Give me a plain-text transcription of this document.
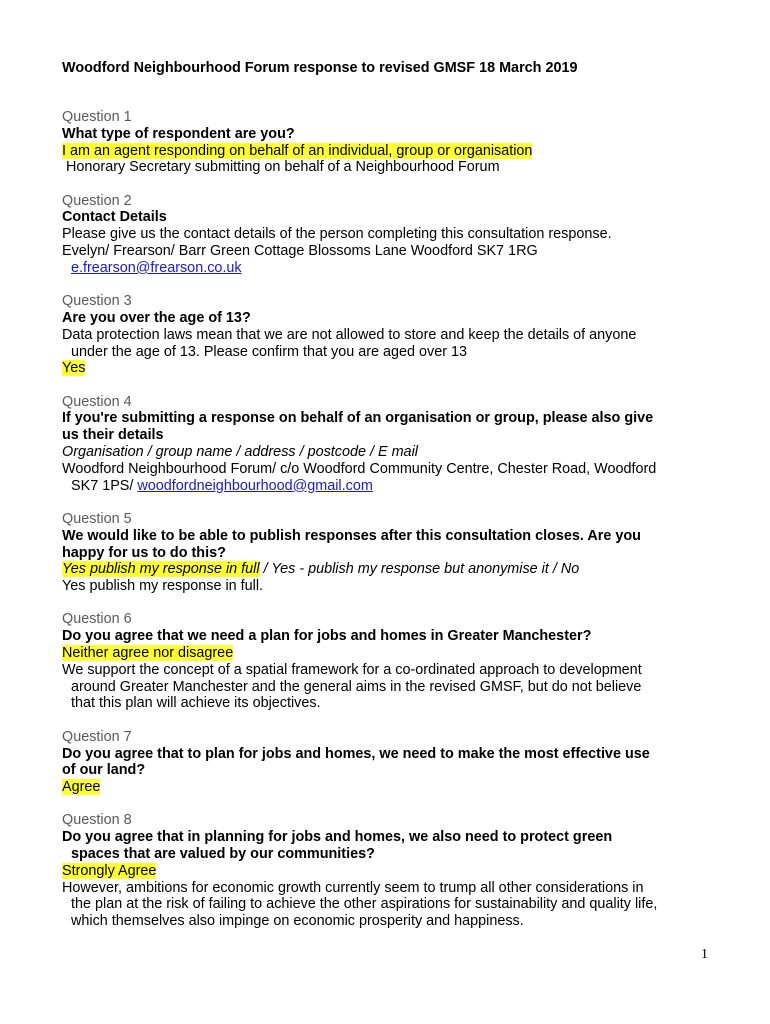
Woodford Neighbourhood Forum response to revised GMSF 18 March 2019
Question 1
What type of respondent are you?
I am an agent responding on behalf of an individual, group or organisation
Honorary Secretary submitting on behalf of a Neighbourhood Forum
Question 2
Contact Details
Please give us the contact details of the person completing this consultation response.
Evelyn/ Frearson/ Barr Green Cottage Blossoms Lane Woodford SK7 1RG
e.frearson@frearson.co.uk
Question 3
Are you over the age of 13?
Data protection laws mean that we are not allowed to store and keep the details of anyone
under the age of 13. Please confirm that you are aged over 13
Yes
Question 4
If you're submitting a response on behalf of an organisation or group, please also give
us their details
Organisation / group name / address / postcode / E mail
Woodford Neighbourhood Forum/ c/o Woodford Community Centre, Chester Road, Woodford
SK7 1PS/ woodfordneighbourhood@gmail.com
Question 5
We would like to be able to publish responses after this consultation closes. Are you
happy for us to do this?
Yes publish my response in full / Yes - publish my response but anonymise it / No
Yes publish my response in full.
Question 6
Do you agree that we need a plan for jobs and homes in Greater Manchester?
Neither agree nor disagree
We support the concept of a spatial framework for a co-ordinated approach to development
around Greater Manchester and the general aims in the revised GMSF, but do not believe
that this plan will achieve its objectives.
Question 7
Do you agree that to plan for jobs and homes, we need to make the most effective use
of our land?
Agree
Question 8
Do you agree that in planning for jobs and homes, we also need to protect green
spaces that are valued by our communities?
Strongly Agree
However, ambitions for economic growth currently seem to trump all other considerations in
the plan at the risk of failing to achieve the other aspirations for sustainability and quality life,
which themselves also impinge on economic prosperity and happiness.
1
